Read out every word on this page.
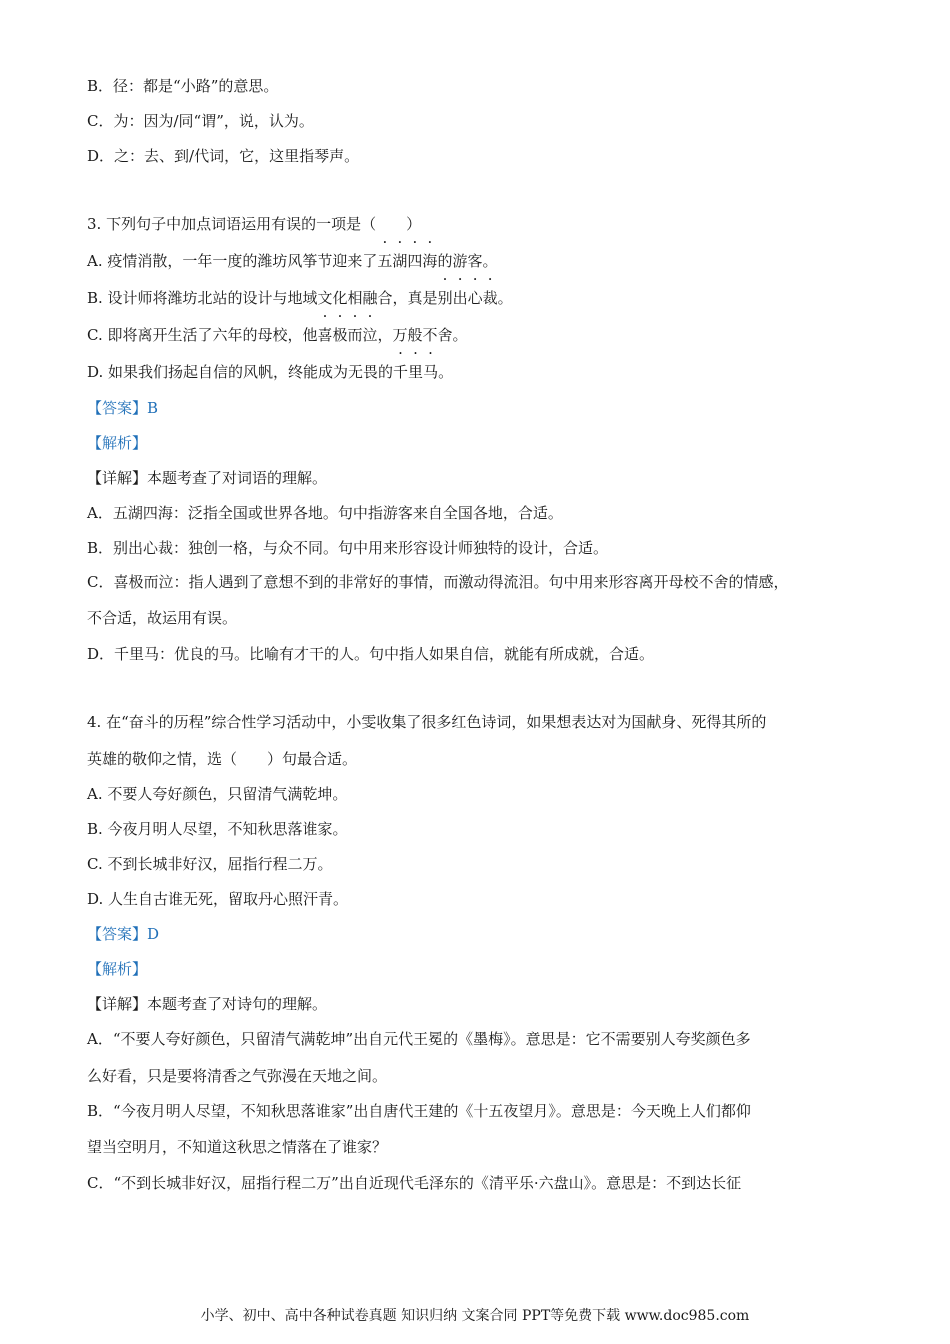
B．径：都是“小路”的意思。
C．为：因为/同“谓”，说，认为。
D．之：去、到/代词，它，这里指琴声。
3. 下列句子中加点词语运用有误的一项是（　　）
A. 疫情消散，一年一度的潍坊风筝节迎来了五湖四海的游客。
B. 设计师将潍坊北站的设计与地域文化相融合，真是别出心裁。
C. 即将离开生活了六年的母校，他喜极而泣，万般不舍。
D. 如果我们扬起自信的风帆，终能成为无畏的千里马。
【答案】B
【解析】
【详解】本题考查了对词语的理解。
A．五湖四海：泛指全国或世界各地。句中指游客来自全国各地，合适。
B．别出心裁：独创一格，与众不同。句中用来形容设计师独特的设计，合适。
C．喜极而泣：指人遇到了意想不到的非常好的事情，而激动得流泪。句中用来形容离开母校不舍的情感，
不合适，故运用有误。
D．千里马：优良的马。比喻有才干的人。句中指人如果自信，就能有所成就，合适。
4. 在“奋斗的历程”综合性学习活动中，小雯收集了很多红色诗词，如果想表达对为国献身、死得其所的
英雄的敬仰之情，选（　　）句最合适。
A. 不要人夸好颜色，只留清气满乾坤。
B. 今夜月明人尽望，不知秋思落谁家。
C. 不到长城非好汉，屈指行程二万。
D. 人生自古谁无死，留取丹心照汗青。
【答案】D
【解析】
【详解】本题考查了对诗句的理解。
A．“不要人夸好颜色，只留清气满乾坤”出自元代王冕的《墨梅》。意思是：它不需要别人夸奖颜色多
么好看，只是要将清香之气弥漫在天地之间。
B．“今夜月明人尽望，不知秋思落谁家”出自唐代王建的《十五夜望月》。意思是：今天晚上人们都仰
望当空明月，不知道这秋思之情落在了谁家？
C．“不到长城非好汉，屈指行程二万”出自近现代毛泽东的《清平乐·六盘山》。意思是：不到达长征
小学、初中、高中各种试卷真题 知识归纳 文案合同 PPT等免费下载 www.doc985.com
